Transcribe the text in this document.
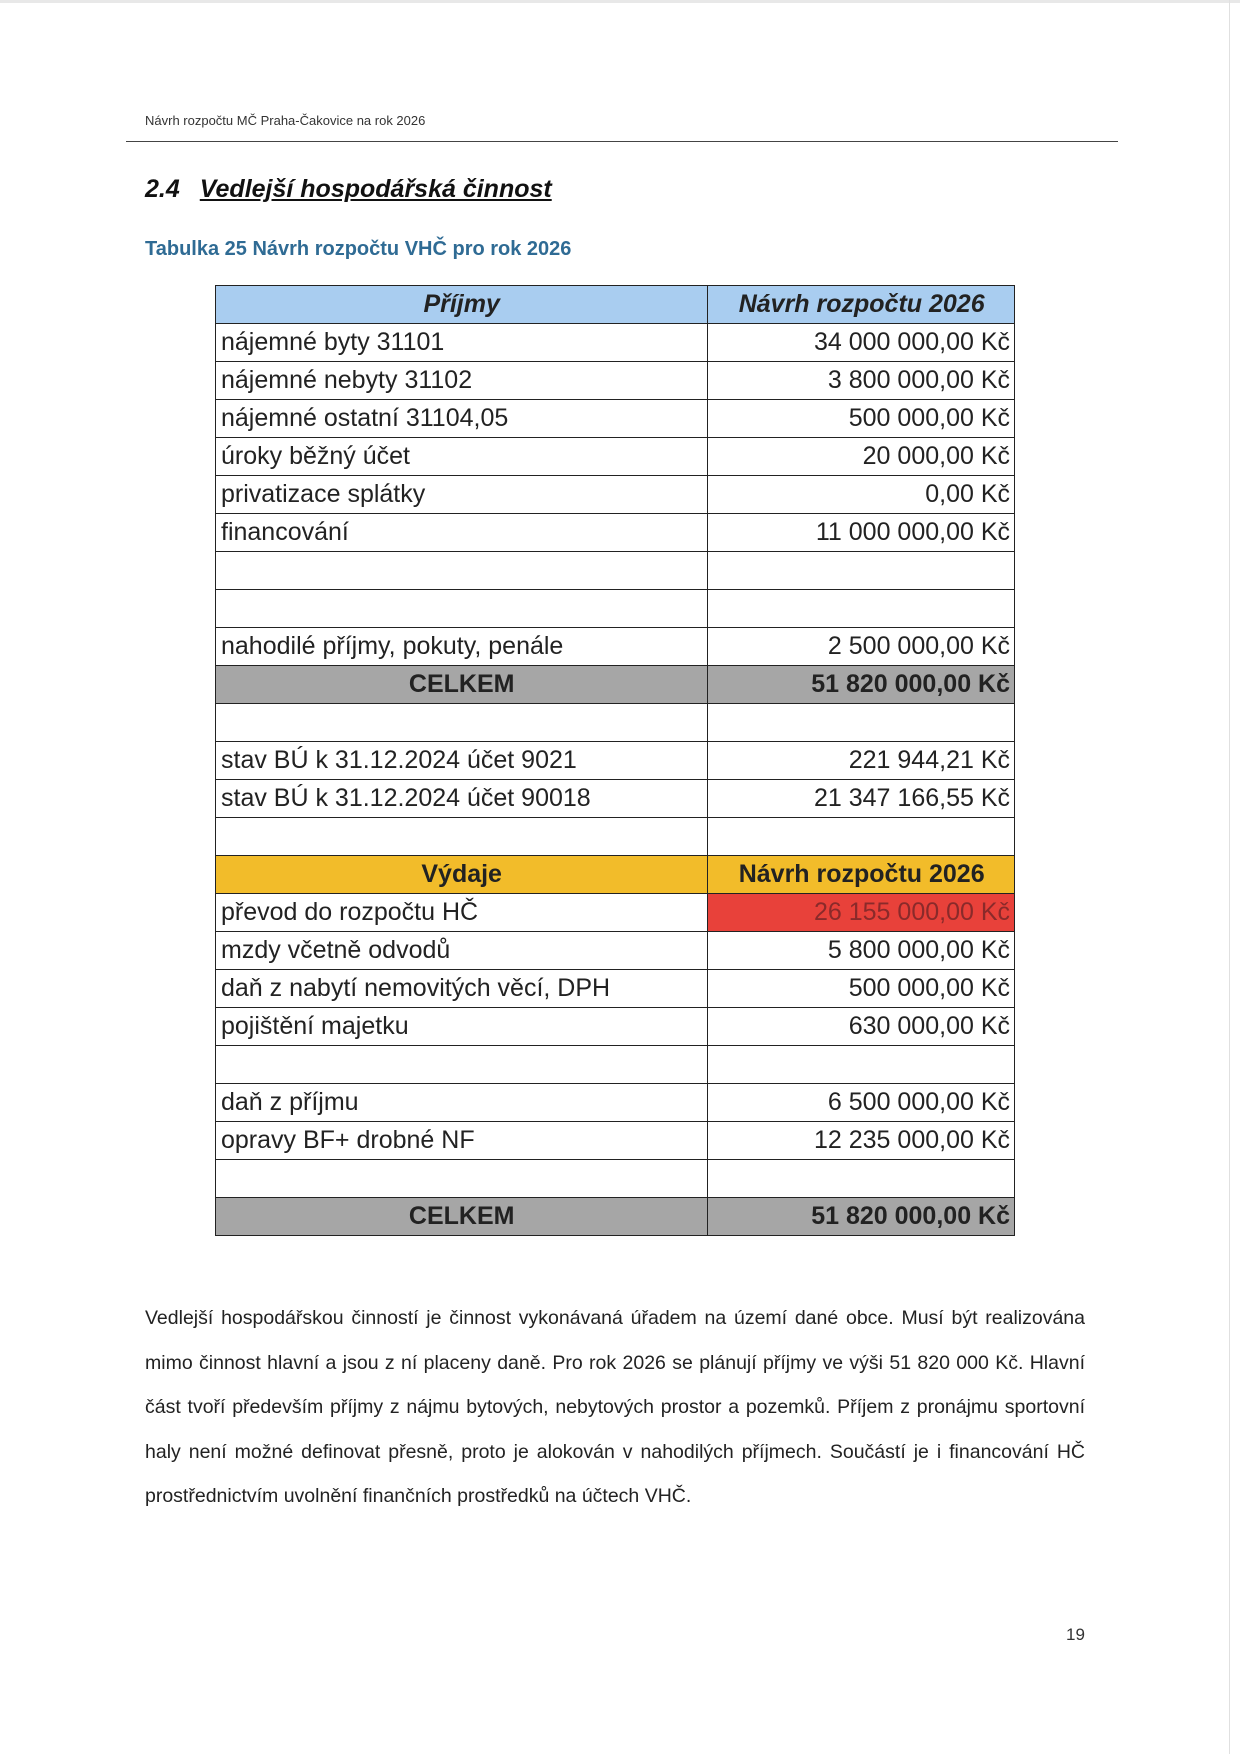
Návrh rozpočtu MČ Praha-Čakovice na rok 2026
2.4 Vedlejší hospodářská činnost
Tabulka 25 Návrh rozpočtu VHČ pro rok 2026
Příjmy	Návrh rozpočtu 2026
nájemné byty 31101	34 000 000,00 Kč
nájemné nebyty 31102	3 800 000,00 Kč
nájemné ostatní 31104,05	500 000,00 Kč
úroky běžný účet	20 000,00 Kč
privatizace splátky	0,00 Kč
financování	11 000 000,00 Kč

nahodilé příjmy, pokuty, penále	2 500 000,00 Kč
CELKEM	51 820 000,00 Kč

stav BÚ k 31.12.2024 účet 9021	221 944,21 Kč
stav BÚ k 31.12.2024 účet 90018	21 347 166,55 Kč

Výdaje	Návrh rozpočtu 2026
převod do rozpočtu HČ	26 155 000,00 Kč
mzdy včetně odvodů	5 800 000,00 Kč
daň z nabytí nemovitých věcí, DPH	500 000,00 Kč
pojištění majetku	630 000,00 Kč

daň z příjmu	6 500 000,00 Kč
opravy BF+ drobné NF	12 235 000,00 Kč

CELKEM	51 820 000,00 Kč
Vedlejší hospodářskou činností je činnost vykonávaná úřadem na území dané obce. Musí být realizována mimo činnost hlavní a jsou z ní placeny daně. Pro rok 2026 se plánují příjmy ve výši 51 820 000 Kč. Hlavní část tvoří především příjmy z nájmu bytových, nebytových prostor a pozemků. Příjem z pronájmu sportovní haly není možné definovat přesně, proto je alokován v nahodilých příjmech. Součástí je i financování HČ prostřednictvím uvolnění finančních prostředků na účtech VHČ.
19
